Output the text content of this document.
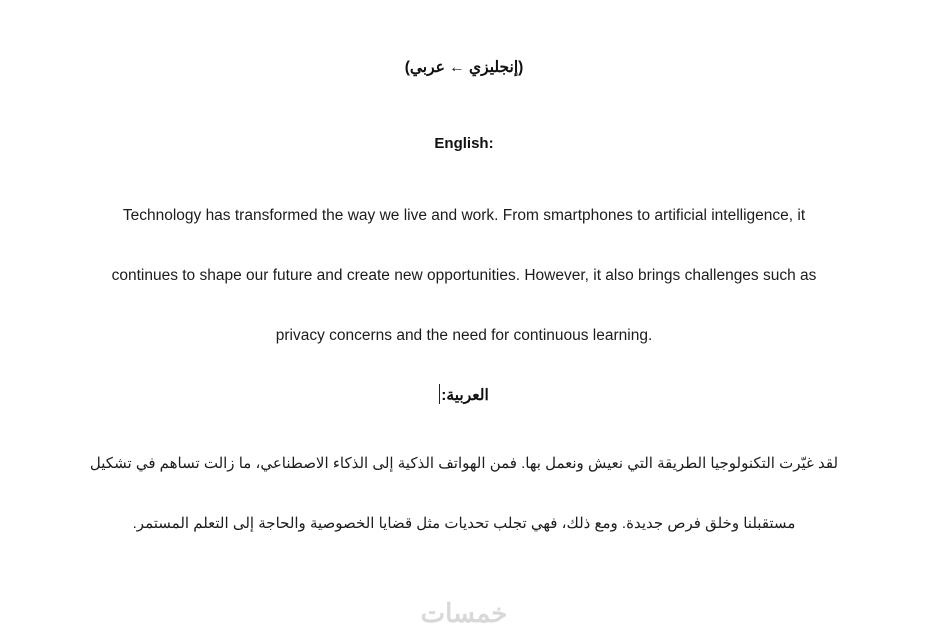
(إنجليزي ← عربي)
English:
Technology has transformed the way we live and work. From smartphones to artificial intelligence, it continues to shape our future and create new opportunities. However, it also brings challenges such as privacy concerns and the need for continuous learning.
العربية:
لقد غيّرت التكنولوجيا الطريقة التي نعيش ونعمل بها. فمن الهواتف الذكية إلى الذكاء الاصطناعي، ما زالت تساهم في تشكيل مستقبلنا وخلق فرص جديدة. ومع ذلك، فهي تجلب تحديات مثل قضايا الخصوصية والحاجة إلى التعلم المستمر.
خمسات
